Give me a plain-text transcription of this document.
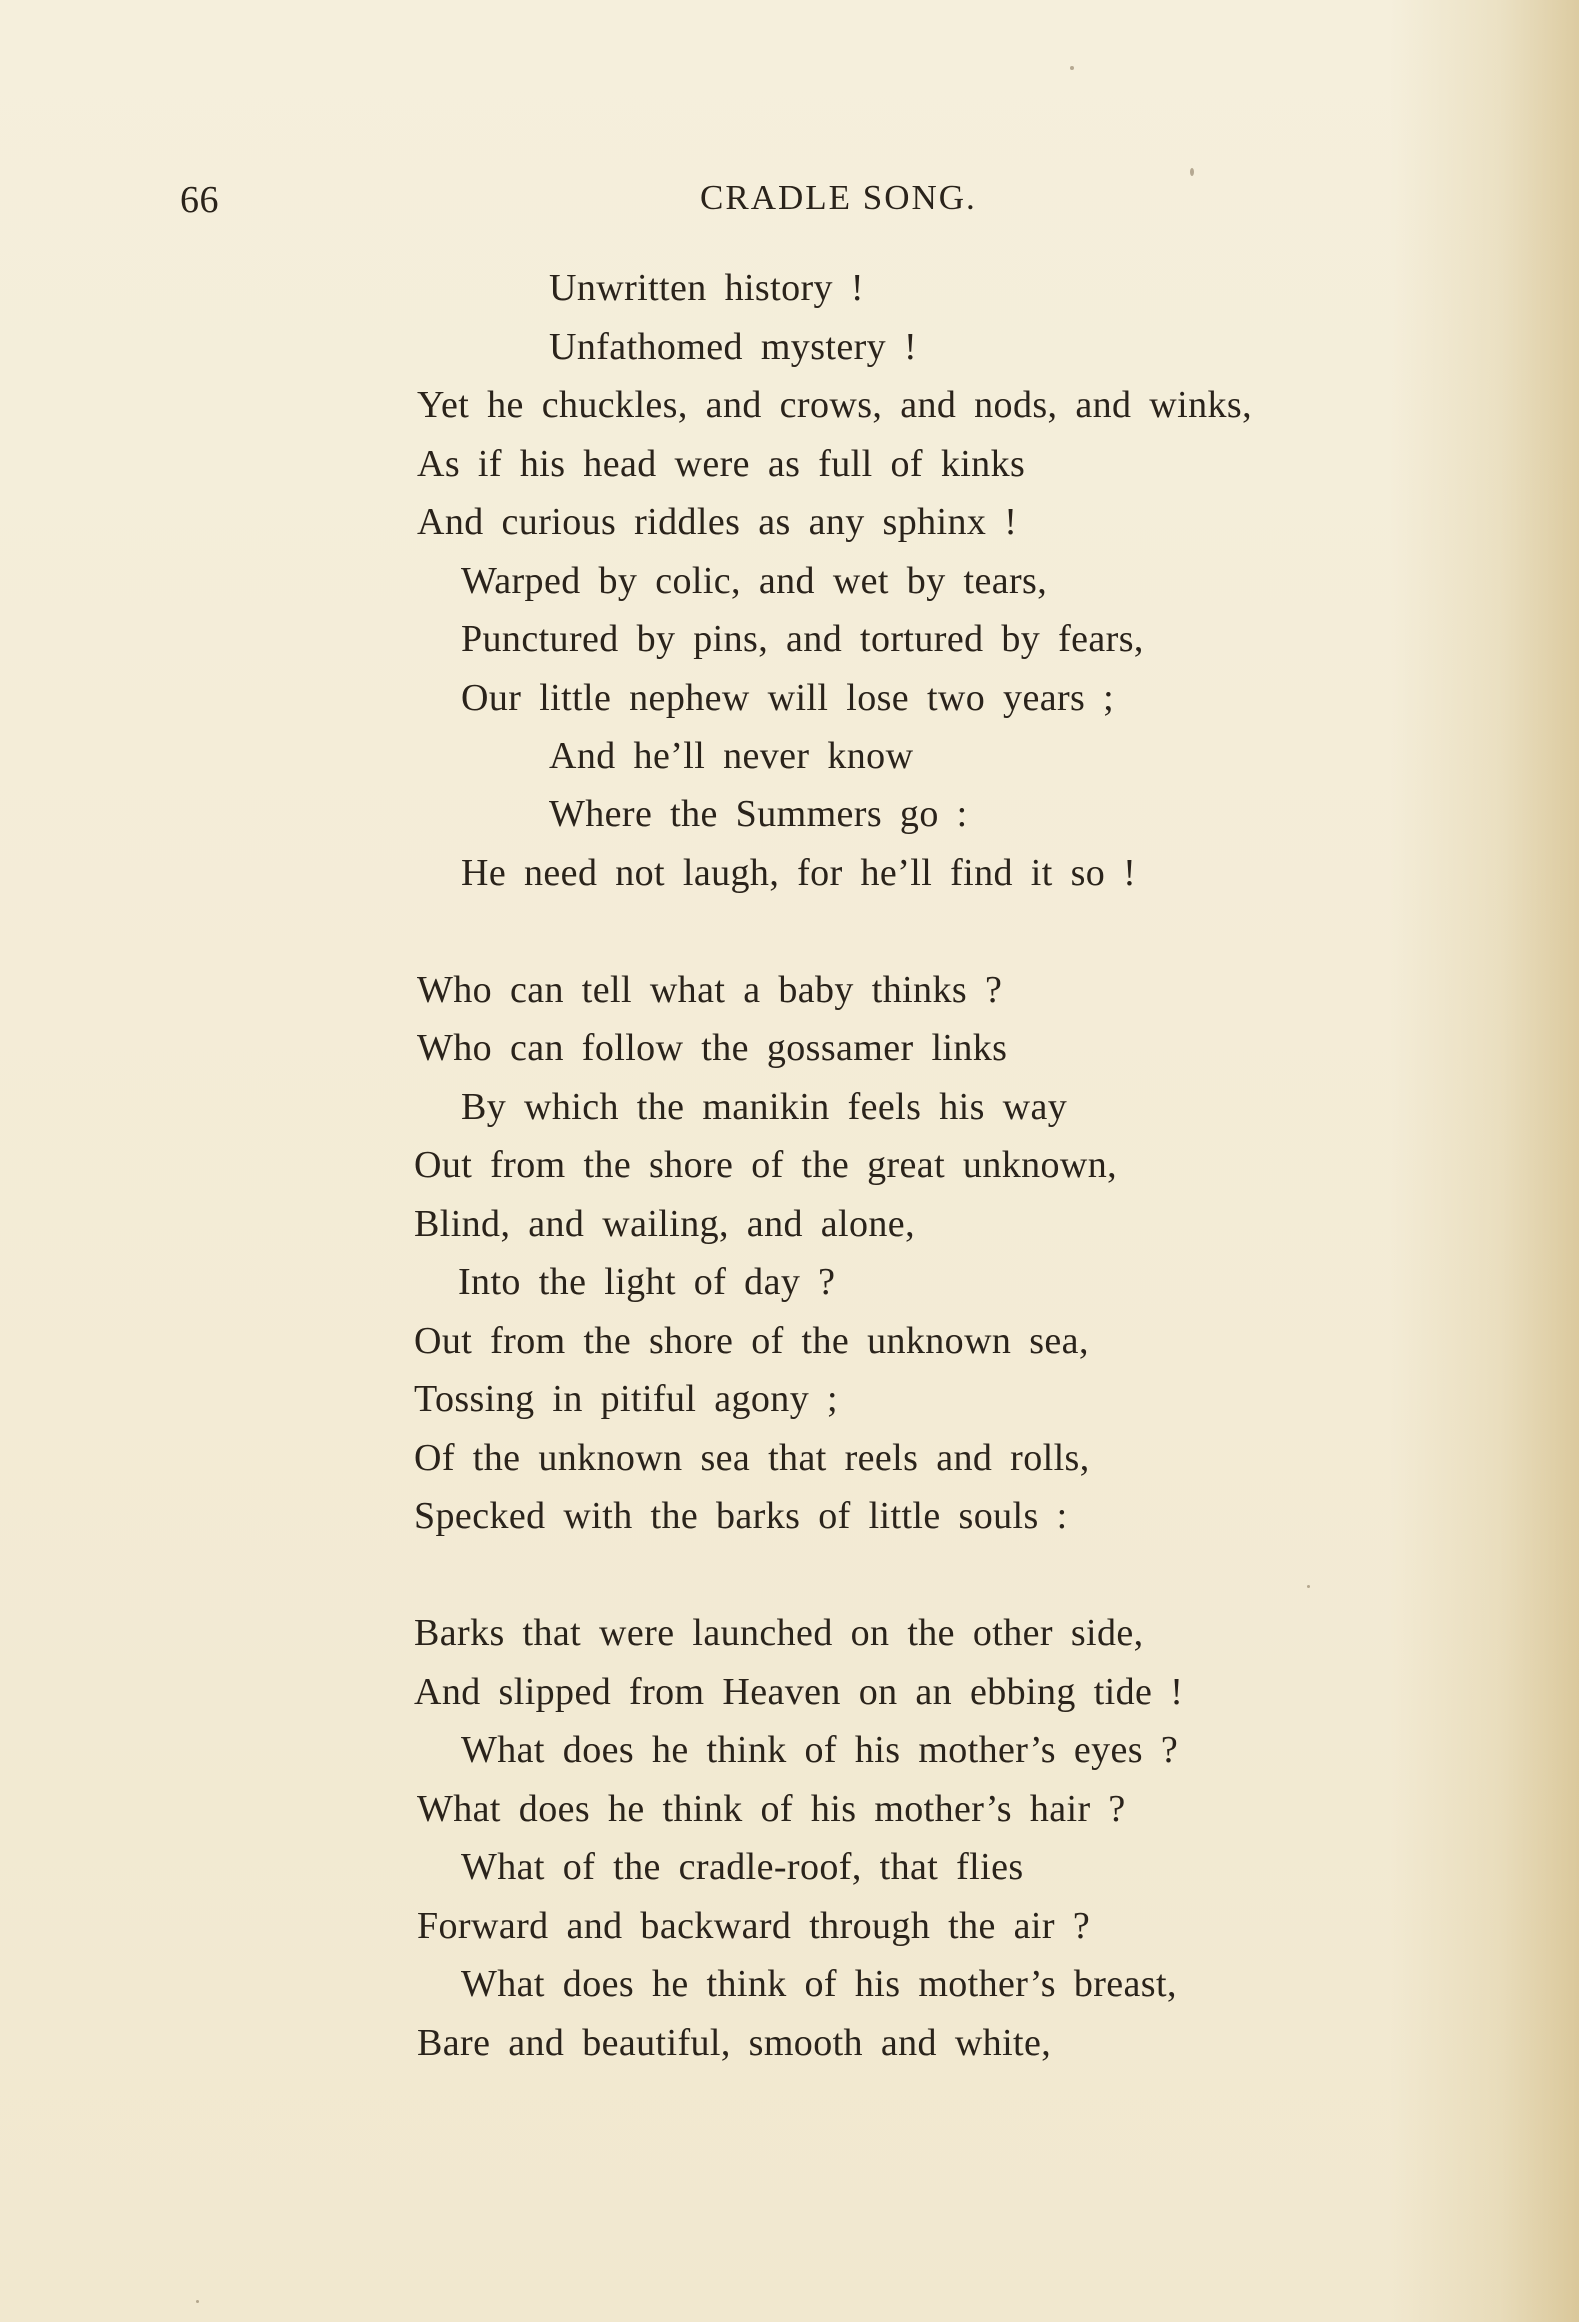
66	CRADLE SONG.
Unwritten history !
Unfathomed mystery !
Yet he chuckles, and crows, and nods, and winks,
As if his head were as full of kinks
And curious riddles as any sphinx !
Warped by colic, and wet by tears,
Punctured by pins, and tortured by fears,
Our little nephew will lose two years ;
And he’ll never know
Where the Summers go :
He need not laugh, for he’ll find it so !
Who can tell what a baby thinks ?
Who can follow the gossamer links
By which the manikin feels his way
Out from the shore of the great unknown,
Blind, and wailing, and alone,
Into the light of day ?
Out from the shore of the unknown sea,
Tossing in pitiful agony ;
Of the unknown sea that reels and rolls,
Specked with the barks of little souls :
Barks that were launched on the other side,
And slipped from Heaven on an ebbing tide !
What does he think of his mother’s eyes ?
What does he think of his mother’s hair ?
What of the cradle-roof, that flies
Forward and backward through the air ?
What does he think of his mother’s breast,
Bare and beautiful, smooth and white,
